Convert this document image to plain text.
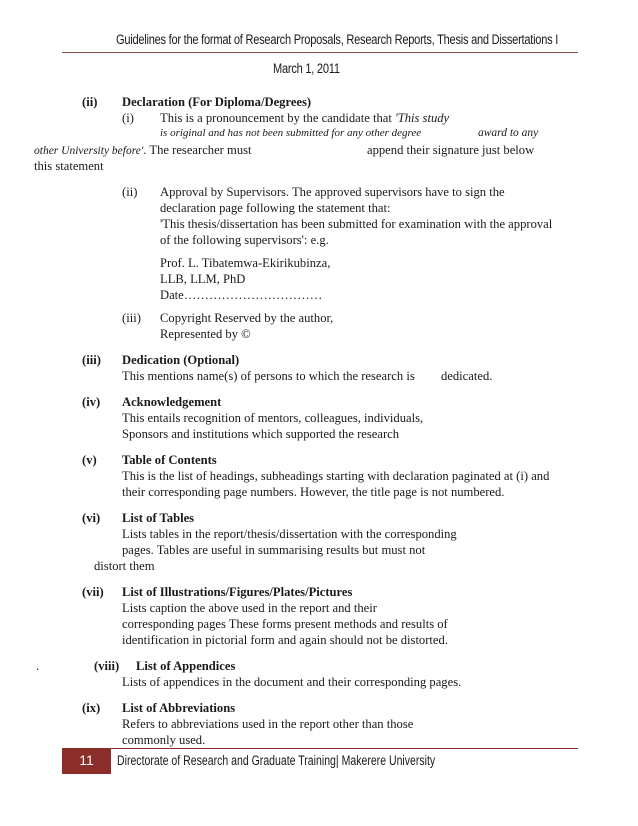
Guidelines for the format of Research Proposals, Research Reports, Thesis and Dissertations I
March 1, 2011
(ii) Declaration (For Diploma/Degrees)
(i) This is a pronouncement by the candidate that 'This study
is original and has not been submitted for any other degree	award to any
other University before'. The researcher must	append their signature just below
this statement
(ii) Approval by Supervisors. The approved supervisors have to sign the
declaration page following the statement that:
'This thesis/dissertation has been submitted for examination with the approval
of the following supervisors': e.g.
Prof. L. Tibatemwa-Ekirikubinza,
LLB, LLM, PhD
Date……………………………
(iii) Copyright Reserved by the author,
Represented by ©
(iii) Dedication (Optional)
This mentions name(s) of persons to which the research is dedicated.
(iv) Acknowledgement
This entails recognition of mentors, colleagues, individuals,
Sponsors and institutions which supported the research
(v) Table of Contents
This is the list of headings, subheadings starting with declaration paginated at (i) and
their corresponding page numbers. However, the title page is not numbered.
(vi) List of Tables
Lists tables in the report/thesis/dissertation with the corresponding
pages. Tables are useful in summarising results but must not
distort them
(vii) List of Illustrations/Figures/Plates/Pictures
Lists caption the above used in the report and their
corresponding pages These forms present methods and results of
identification in pictorial form and again should not be distorted.
.	(viii) List of Appendices
Lists of appendices in the document and their corresponding pages.
(ix) List of Abbreviations
Refers to abbreviations used in the report other than those
commonly used.
11	Directorate of Research and Graduate Training| Makerere University
